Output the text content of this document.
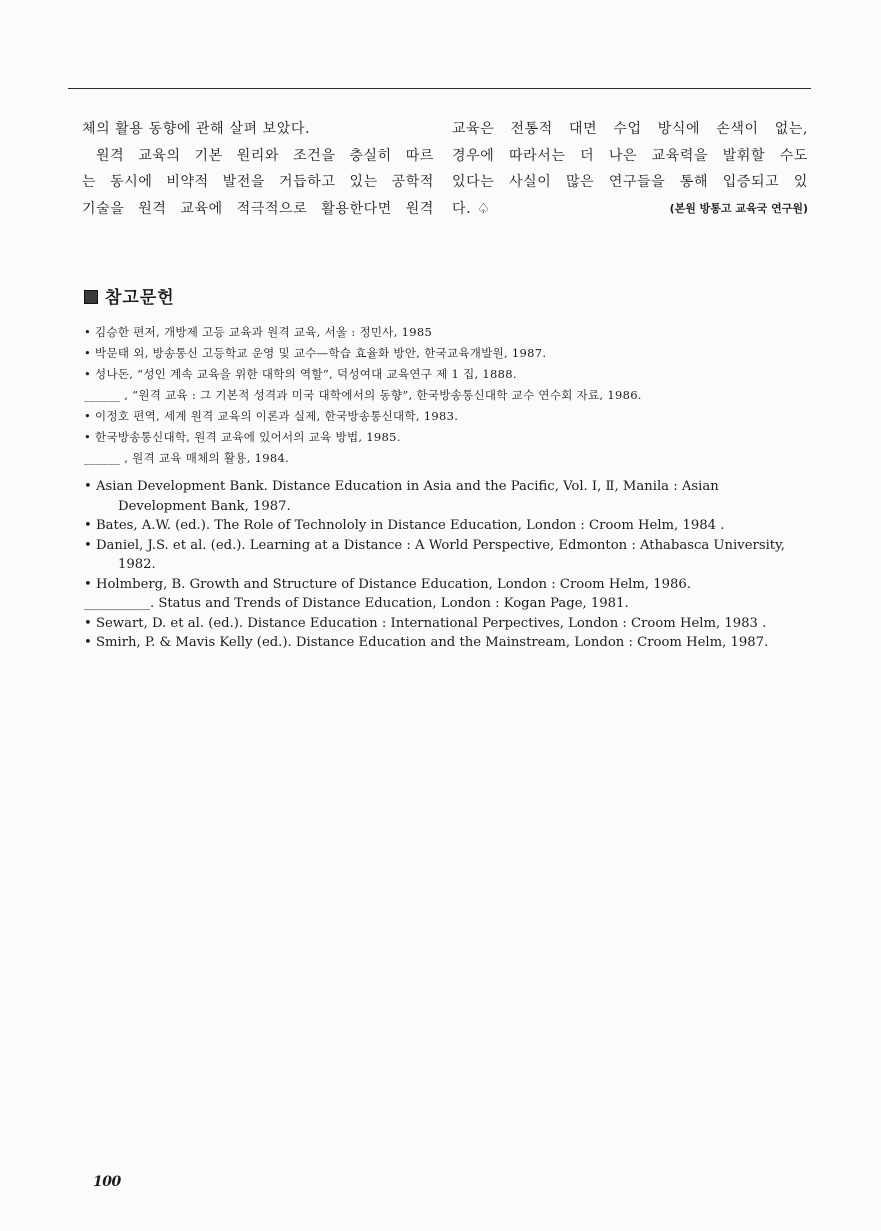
체의 활용 동향에 관해 살펴 보았다.

원격 교육의 기본 원리와 조건을 충실히 따르

는 동시에 비약적 발전을 거듭하고 있는 공학적

기술을 원격 교육에 적극적으로 활용한다면 원격

교육은 전통적 대면 수업 방식에 손색이 없는,

경우에 따라서는 더 나은 교육력을 발휘할 수도

있다는 사실이 많은 연구들을 통해 입증되고 있

다. ♤	(본원 방통고 교육국 연구원)

참고문헌
• 김승한 편저, 개방제 고등 교육과 원격 교육, 서울 : 정민사, 1985
• 박문태 외, 방송통신 고등학교 운영 및 교수—학습 효율화 방안, 한국교육개발원, 1987.
• 성나돈, “성인 계속 교육을 위한 대학의 역할”, 덕성여대 교육연구 제 1 집, 1888.
______ , “원격 교육 : 그 기본적 성격과 미국 대학에서의 동향”, 한국방송통신대학 교수 연수회 자료, 1986.
• 이정호 편역, 세계 원격 교육의 이론과 실제, 한국방송통신대학, 1983.
• 한국방송통신대학, 원격 교육에 있어서의 교육 방법, 1985.
______ , 원격 교육 매체의 활용, 1984.
• Asian Development Bank. Distance Education in Asia and the Pacific, Vol. Ⅰ, Ⅱ, Manila : Asian Development Bank, 1987.
• Bates, A.W. (ed.). The Role of Technololy in Distance Education, London : Croom Helm, 1984 .
• Daniel, J.S. et al. (ed.). Learning at a Distance : A World Perspective, Edmonton : Athabasca University, 1982.
• Holmberg, B. Growth and Structure of Distance Education, London : Croom Helm, 1986.
__________. Status and Trends of Distance Education, London : Kogan Page, 1981.
• Sewart, D. et al. (ed.). Distance Education : International Perpectives, London : Croom Helm, 1983 .
• Smirh, P. & Mavis Kelly (ed.). Distance Education and the Mainstream, London : Croom Helm, 1987.
100
